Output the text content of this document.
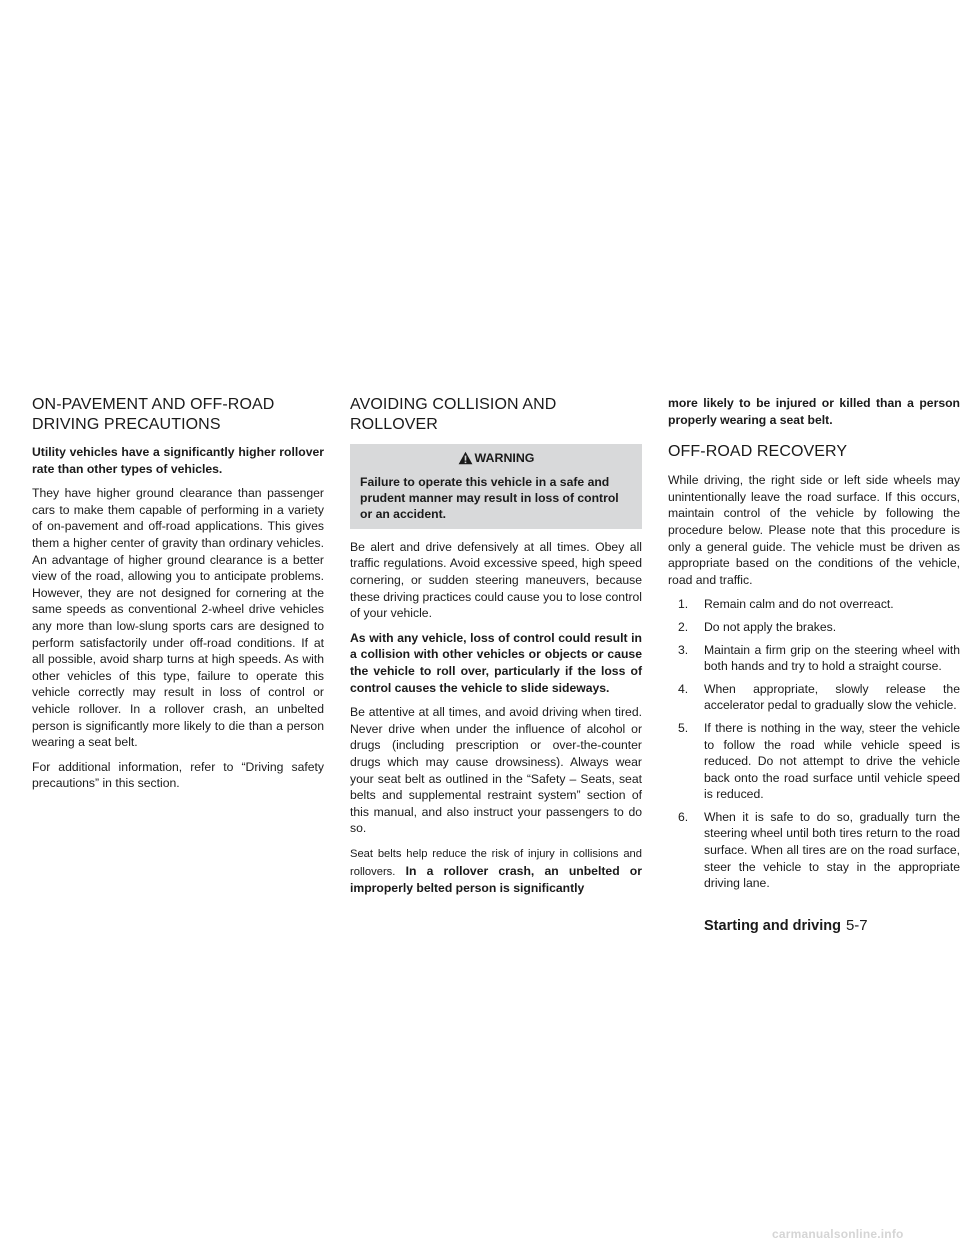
ON-PAVEMENT AND OFF-ROAD
DRIVING PRECAUTIONS

Utility vehicles have a significantly higher rollover rate than other types of vehicles.

They have higher ground clearance than passenger cars to make them capable of performing in a variety of on-pavement and off-road applications. This gives them a higher center of gravity than ordinary vehicles. An advantage of higher ground clearance is a better view of the road, allowing you to anticipate problems. However, they are not designed for cornering at the same speeds as conventional 2-wheel drive vehicles any more than low-slung sports cars are designed to perform satisfactorily under off-road conditions. If at all possible, avoid sharp turns at high speeds. As with other vehicles of this type, failure to operate this vehicle correctly may result in loss of control or vehicle rollover. In a rollover crash, an unbelted person is significantly more likely to die than a person wearing a seat belt.

For additional information, refer to “Driving safety precautions” in this section.

AVOIDING COLLISION AND
ROLLOVER
WARNING
Failure to operate this vehicle in a safe and prudent manner may result in loss of control or an accident.

Be alert and drive defensively at all times. Obey all traffic regulations. Avoid excessive speed, high speed cornering, or sudden steering maneuvers, because these driving practices could cause you to lose control of your vehicle.

As with any vehicle, loss of control could result in a collision with other vehicles or objects or cause the vehicle to roll over, particularly if the loss of control causes the vehicle to slide sideways.

Be attentive at all times, and avoid driving when tired. Never drive when under the influence of alcohol or drugs (including prescription or over-the-counter drugs which may cause drowsiness). Always wear your seat belt as outlined in the “Safety – Seats, seat belts and supplemental restraint system” section of this manual, and also instruct your passengers to do so.

Seat belts help reduce the risk of injury in collisions and rollovers. In a rollover crash, an unbelted or improperly belted person is significantly

more likely to be injured or killed than a person properly wearing a seat belt.

OFF-ROAD RECOVERY

While driving, the right side or left side wheels may unintentionally leave the road surface. If this occurs, maintain control of the vehicle by following the procedure below. Please note that this procedure is only a general guide. The vehicle must be driven as appropriate based on the conditions of the vehicle, road and traffic.

1.	Remain calm and do not overreact.
2.	Do not apply the brakes.
3.	Maintain a firm grip on the steering wheel with both hands and try to hold a straight course.
4.	When appropriate, slowly release the accelerator pedal to gradually slow the vehicle.
5.	If there is nothing in the way, steer the vehicle to follow the road while vehicle speed is reduced. Do not attempt to drive the vehicle back onto the road surface until vehicle speed is reduced.
6.	When it is safe to do so, gradually turn the steering wheel until both tires return to the road surface. When all tires are on the road surface, steer the vehicle to stay in the appropriate driving lane.
Starting and driving 5-7
carmanualsonline.info
